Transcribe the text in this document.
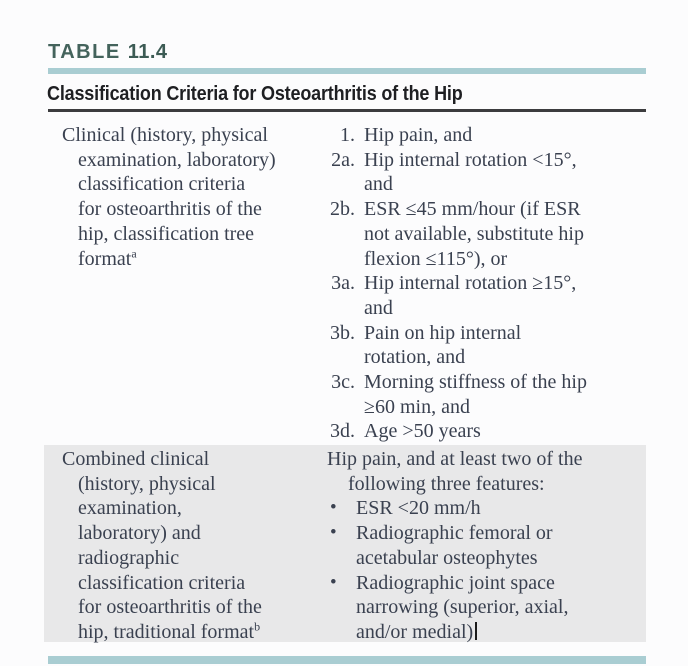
TABLE 11.4
Classification Criteria for Osteoarthritis of the Hip
Clinical (history, physical
examination, laboratory)
classification criteria
for osteoarthritis of the
hip, classification tree
format$^a$
1. Hip pain, and
2a. Hip internal rotation <15°,
and
2b. ESR ≤45 mm/hour (if ESR
not available, substitute hip
flexion ≤115°), or
3a. Hip internal rotation ≥15°,
and
3b. Pain on hip internal
rotation, and
3c. Morning stiffness of the hip
≥60 min, and
3d. Age >50 years
Combined clinical
(history, physical
examination,
laboratory) and
radiographic
classification criteria
for osteoarthritis of the
hip, traditional format$^b$
Hip pain, and at least two of the
following three features:
• ESR <20 mm/h
• Radiographic femoral or
acetabular osteophytes
• Radiographic joint space
narrowing (superior, axial,
and/or medial)
